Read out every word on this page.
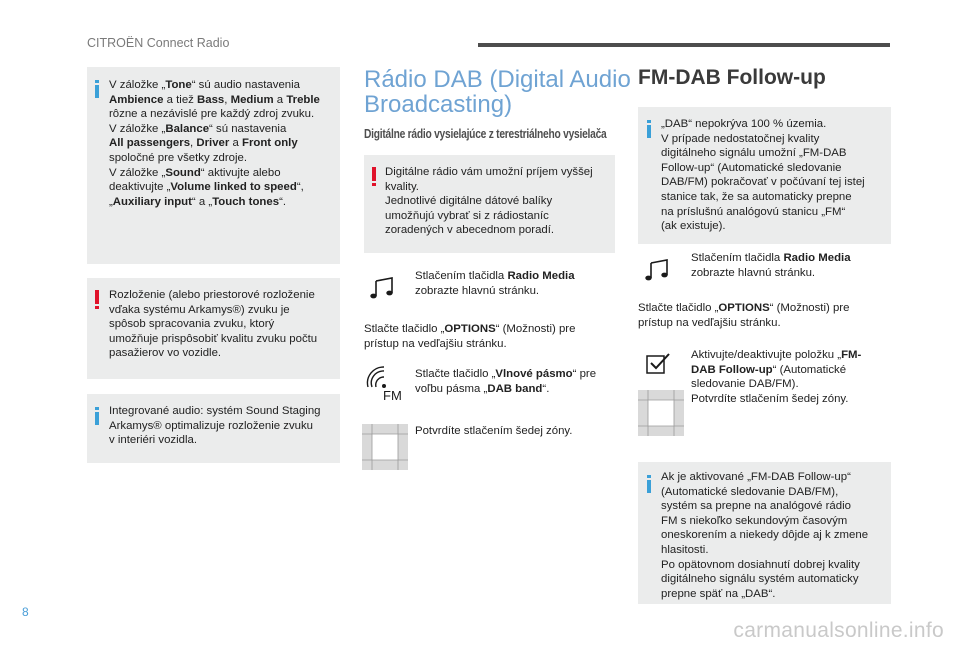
CITROËN Connect Radio
8
V záložke „Tone“ sú audio nastavenia
Ambience a tiež Bass, Medium a Treble
rôzne a nezávislé pre každý zdroj zvuku.
V záložke „Balance“ sú nastavenia
All passengers, Driver a Front only
spoločné pre všetky zdroje.
V záložke „Sound“ aktivujte alebo
deaktivujte „Volume linked to speed“,
„Auxiliary input“ a „Touch tones“.
Rozloženie (alebo priestorové rozloženie
vďaka systému Arkamys®) zvuku je
spôsob spracovania zvuku, ktorý
umožňuje prispôsobiť kvalitu zvuku počtu
pasažierov vo vozidle.
Integrované audio: systém Sound Staging
Arkamys® optimalizuje rozloženie zvuku
v interiéri vozidla.
Rádio DAB (Digital Audio
Broadcasting)
Digitálne rádio vysielajúce z terestriálneho vysielača
Digitálne rádio vám umožní príjem vyššej
kvality.
Jednotlivé digitálne dátové balíky
umožňujú vybrať si z rádiostaníc
zoradených v abecednom poradí.
Stlačením tlačidla Radio Media
zobrazte hlavnú stránku.
Stlačte tlačidlo „OPTIONS“ (Možnosti) pre
prístup na vedľajšiu stránku.
FM
Stlačte tlačidlo „Vlnové pásmo“ pre
voľbu pásma „DAB band“.
Potvrdíte stlačením šedej zóny.
FM-DAB Follow-up
„DAB“ nepokrýva 100 % územia.
V prípade nedostatočnej kvality
digitálneho signálu umožní „FM-DAB
Follow-up“ (Automatické sledovanie
DAB/FM) pokračovať v počúvaní tej istej
stanice tak, že sa automaticky prepne
na príslušnú analógovú stanicu „FM“
(ak existuje).
Stlačením tlačidla Radio Media
zobrazte hlavnú stránku.
Stlačte tlačidlo „OPTIONS“ (Možnosti) pre
prístup na vedľajšiu stránku.
Aktivujte/deaktivujte položku „FM-
DAB Follow-up“ (Automatické
sledovanie DAB/FM).
Potvrdíte stlačením šedej zóny.
Ak je aktivované „FM-DAB Follow-up“
(Automatické sledovanie DAB/FM),
systém sa prepne na analógové rádio
FM s niekoľko sekundovým časovým
oneskorením a niekedy dôjde aj k zmene
hlasitosti.
Po opätovnom dosiahnutí dobrej kvality
digitálneho signálu systém automaticky
prepne späť na „DAB“.
carmanualsonline.info
